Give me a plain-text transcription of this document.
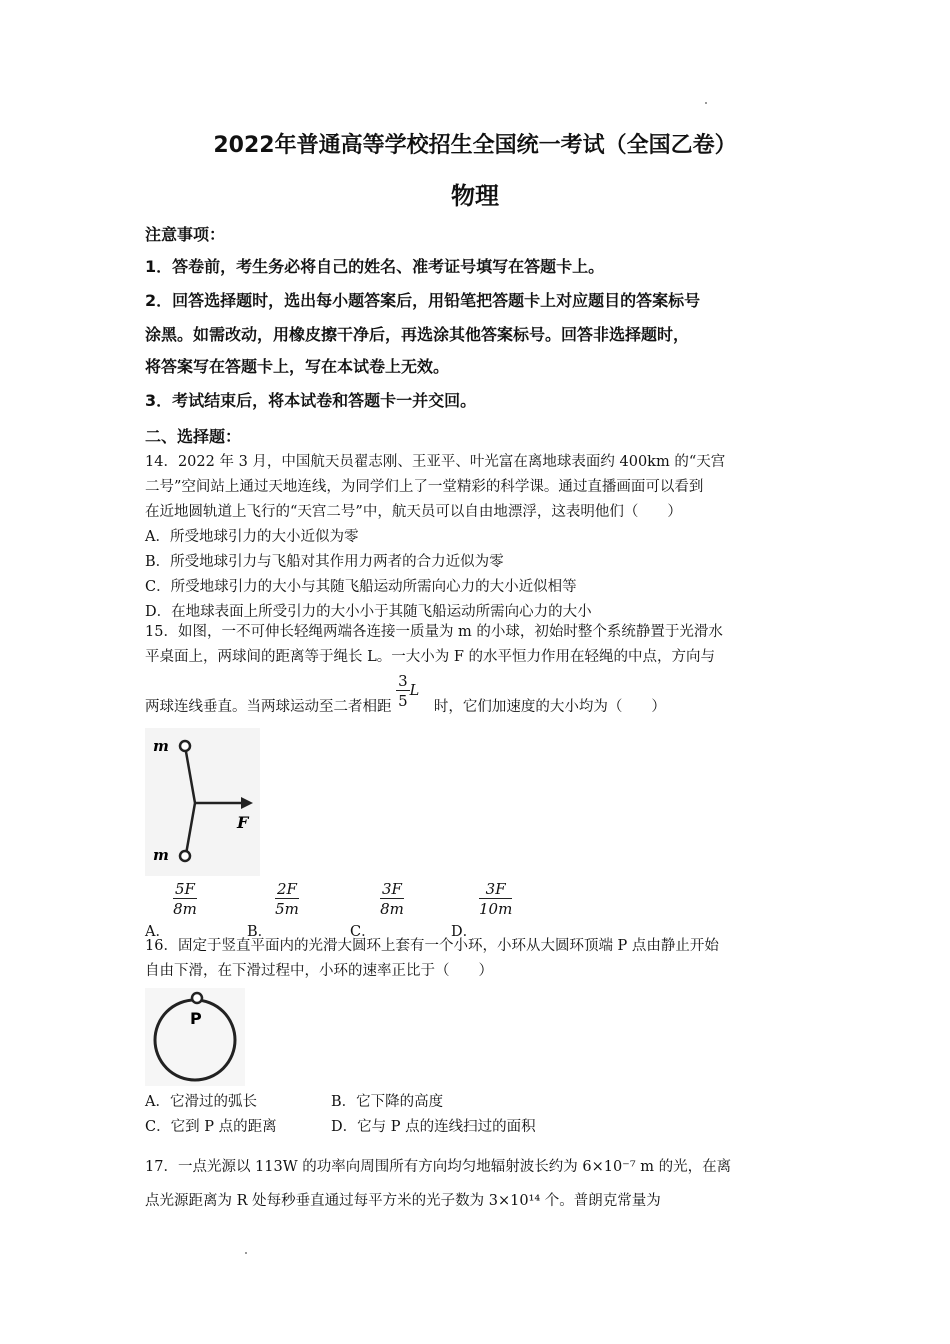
2022年普通高等学校招生全国统一考试（全国乙卷）
物理
注意事项：
1．答卷前，考生务必将自己的姓名、准考证号填写在答题卡上。
2．回答选择题时，选出每小题答案后，用铅笔把答题卡上对应题目的答案标号
涂黑。如需改动，用橡皮擦干净后，再选涂其他答案标号。回答非选择题时，
将答案写在答题卡上，写在本试卷上无效。
3．考试结束后，将本试卷和答题卡一并交回。
二、选择题：

14．2022 年 3 月，中国航天员翟志刚、王亚平、叶光富在离地球表面约 400km 的“天宫

二号”空间站上通过天地连线，为同学们上了一堂精彩的科学课。通过直播画面可以看到

在近地圆轨道上飞行的“天宫二号”中，航天员可以自由地漂浮，这表明他们（　　）

A．所受地球引力的大小近似为零

B．所受地球引力与飞船对其作用力两者的合力近似为零

C．所受地球引力的大小与其随飞船运动所需向心力的大小近似相等

D．在地球表面上所受引力的大小小于其随飞船运动所需向心力的大小

15．如图，一不可伸长轻绳两端各连接一质量为 m 的小球，初始时整个系统静置于光滑水

平桌面上，两球间的距离等于绳长 L。一大小为 F 的水平恒力作用在轻绳的中点，方向与

两球连线垂直。当两球运动至二者相距 $\frac{3}{5}$ L 时，它们加速度的大小均为（　　）
m
m
F
A．
$\frac{5F}{8m}$
B．
$\frac{2F}{5m}$
C．
$\frac{3F}{8m}$
D．
$\frac{3F}{10m}$

16．固定于竖直平面内的光滑大圆环上套有一个小环，小环从大圆环顶端 P 点由静止开始

自由下滑，在下滑过程中，小环的速率正比于（　　）

P

A．它滑过的弧长	B．它下降的高度

C．它到 P 点的距离	D．它与 P 点的连线扫过的面积

17．一点光源以 113W 的功率向周围所有方向均匀地辐射波长约为 6×10⁻⁷ m 的光，在离

点光源距离为 R 处每秒垂直通过每平方米的光子数为 3×10¹⁴ 个。普朗克常量为
